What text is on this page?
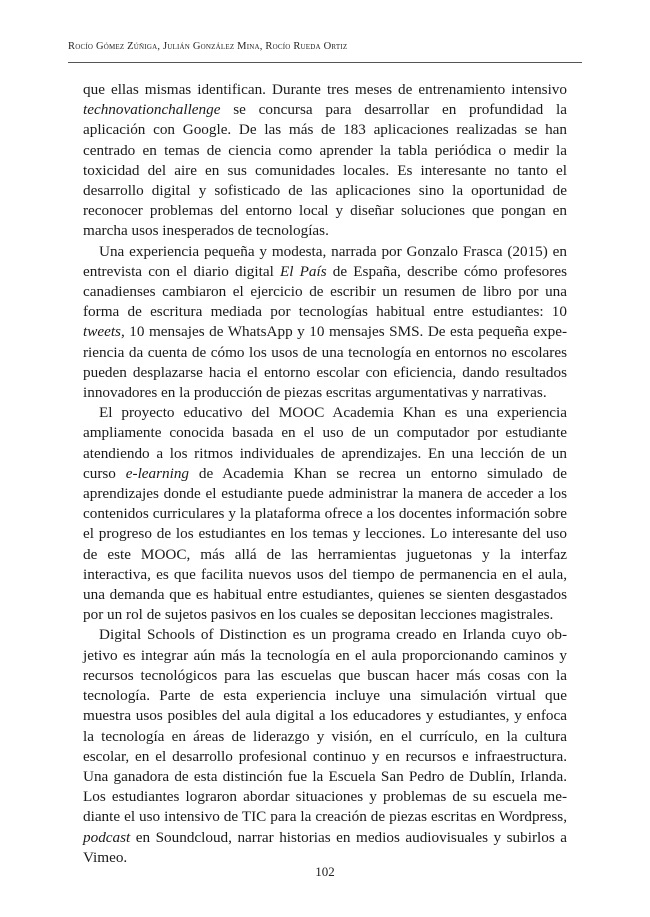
Rocío Gómez Zúñiga, Julián González Mina, Rocío Rueda Ortiz

que ellas mismas identifican. Durante tres meses de entrenamiento intensivo technovationchallenge se concursa para desarrollar en profundidad la aplicación con Google. De las más de 183 aplicaciones realizadas se han centrado en temas de ciencia como aprender la tabla periódica o medir la toxicidad del aire en sus comunidades locales. Es interesante no tanto el desarrollo digital y sofisticado de las aplicaciones sino la oportunidad de reconocer problemas del entorno local y diseñar soluciones que pongan en marcha usos inesperados de tecnologías.

Una experiencia pequeña y modesta, narrada por Gonzalo Frasca (2015) en entrevista con el diario digital El País de España, describe cómo profesores canadienses cambiaron el ejercicio de escribir un resumen de libro por una forma de escritura mediada por tecnologías habitual entre estudiantes: 10 tweets, 10 mensajes de WhatsApp y 10 mensajes SMS. De esta pequeña experiencia da cuenta de cómo los usos de una tecnología en entornos no escolares pueden desplazarse hacia el entorno escolar con eficiencia, dando resultados innovadores en la producción de piezas escritas argumentativas y narrativas.

El proyecto educativo del MOOC Academia Khan es una experiencia ampliamente conocida basada en el uso de un computador por estudiante atendiendo a los ritmos individuales de aprendizajes. En una lección de un curso e-learning de Academia Khan se recrea un entorno simulado de aprendizajes donde el estudiante puede administrar la manera de acceder a los contenidos curriculares y la plataforma ofrece a los docentes información sobre el progreso de los estudiantes en los temas y lecciones. Lo interesante del uso de este MOOC, más allá de las herramientas juguetonas y la interfaz interactiva, es que facilita nuevos usos del tiempo de permanencia en el aula, una demanda que es habitual entre estudiantes, quienes se sienten desgastados por un rol de sujetos pasivos en los cuales se depositan lecciones magistrales.

Digital Schools of Distinction es un programa creado en Irlanda cuyo objetivo es integrar aún más la tecnología en el aula proporcionando caminos y recursos tecnológicos para las escuelas que buscan hacer más cosas con la tecnología. Parte de esta experiencia incluye una simulación virtual que muestra usos posibles del aula digital a los educadores y estudiantes, y enfoca la tecnología en áreas de liderazgo y visión, en el currículo, en la cultura escolar, en el desarrollo profesional continuo y en recursos e infraestructura. Una ganadora de esta distinción fue la Escuela San Pedro de Dublín, Irlanda. Los estudiantes lograron abordar situaciones y problemas de su escuela mediante el uso intensivo de TIC para la creación de piezas escritas en Wordpress, podcast en Soundcloud, narrar historias en medios audiovisuales y subirlos a Vimeo.

102
